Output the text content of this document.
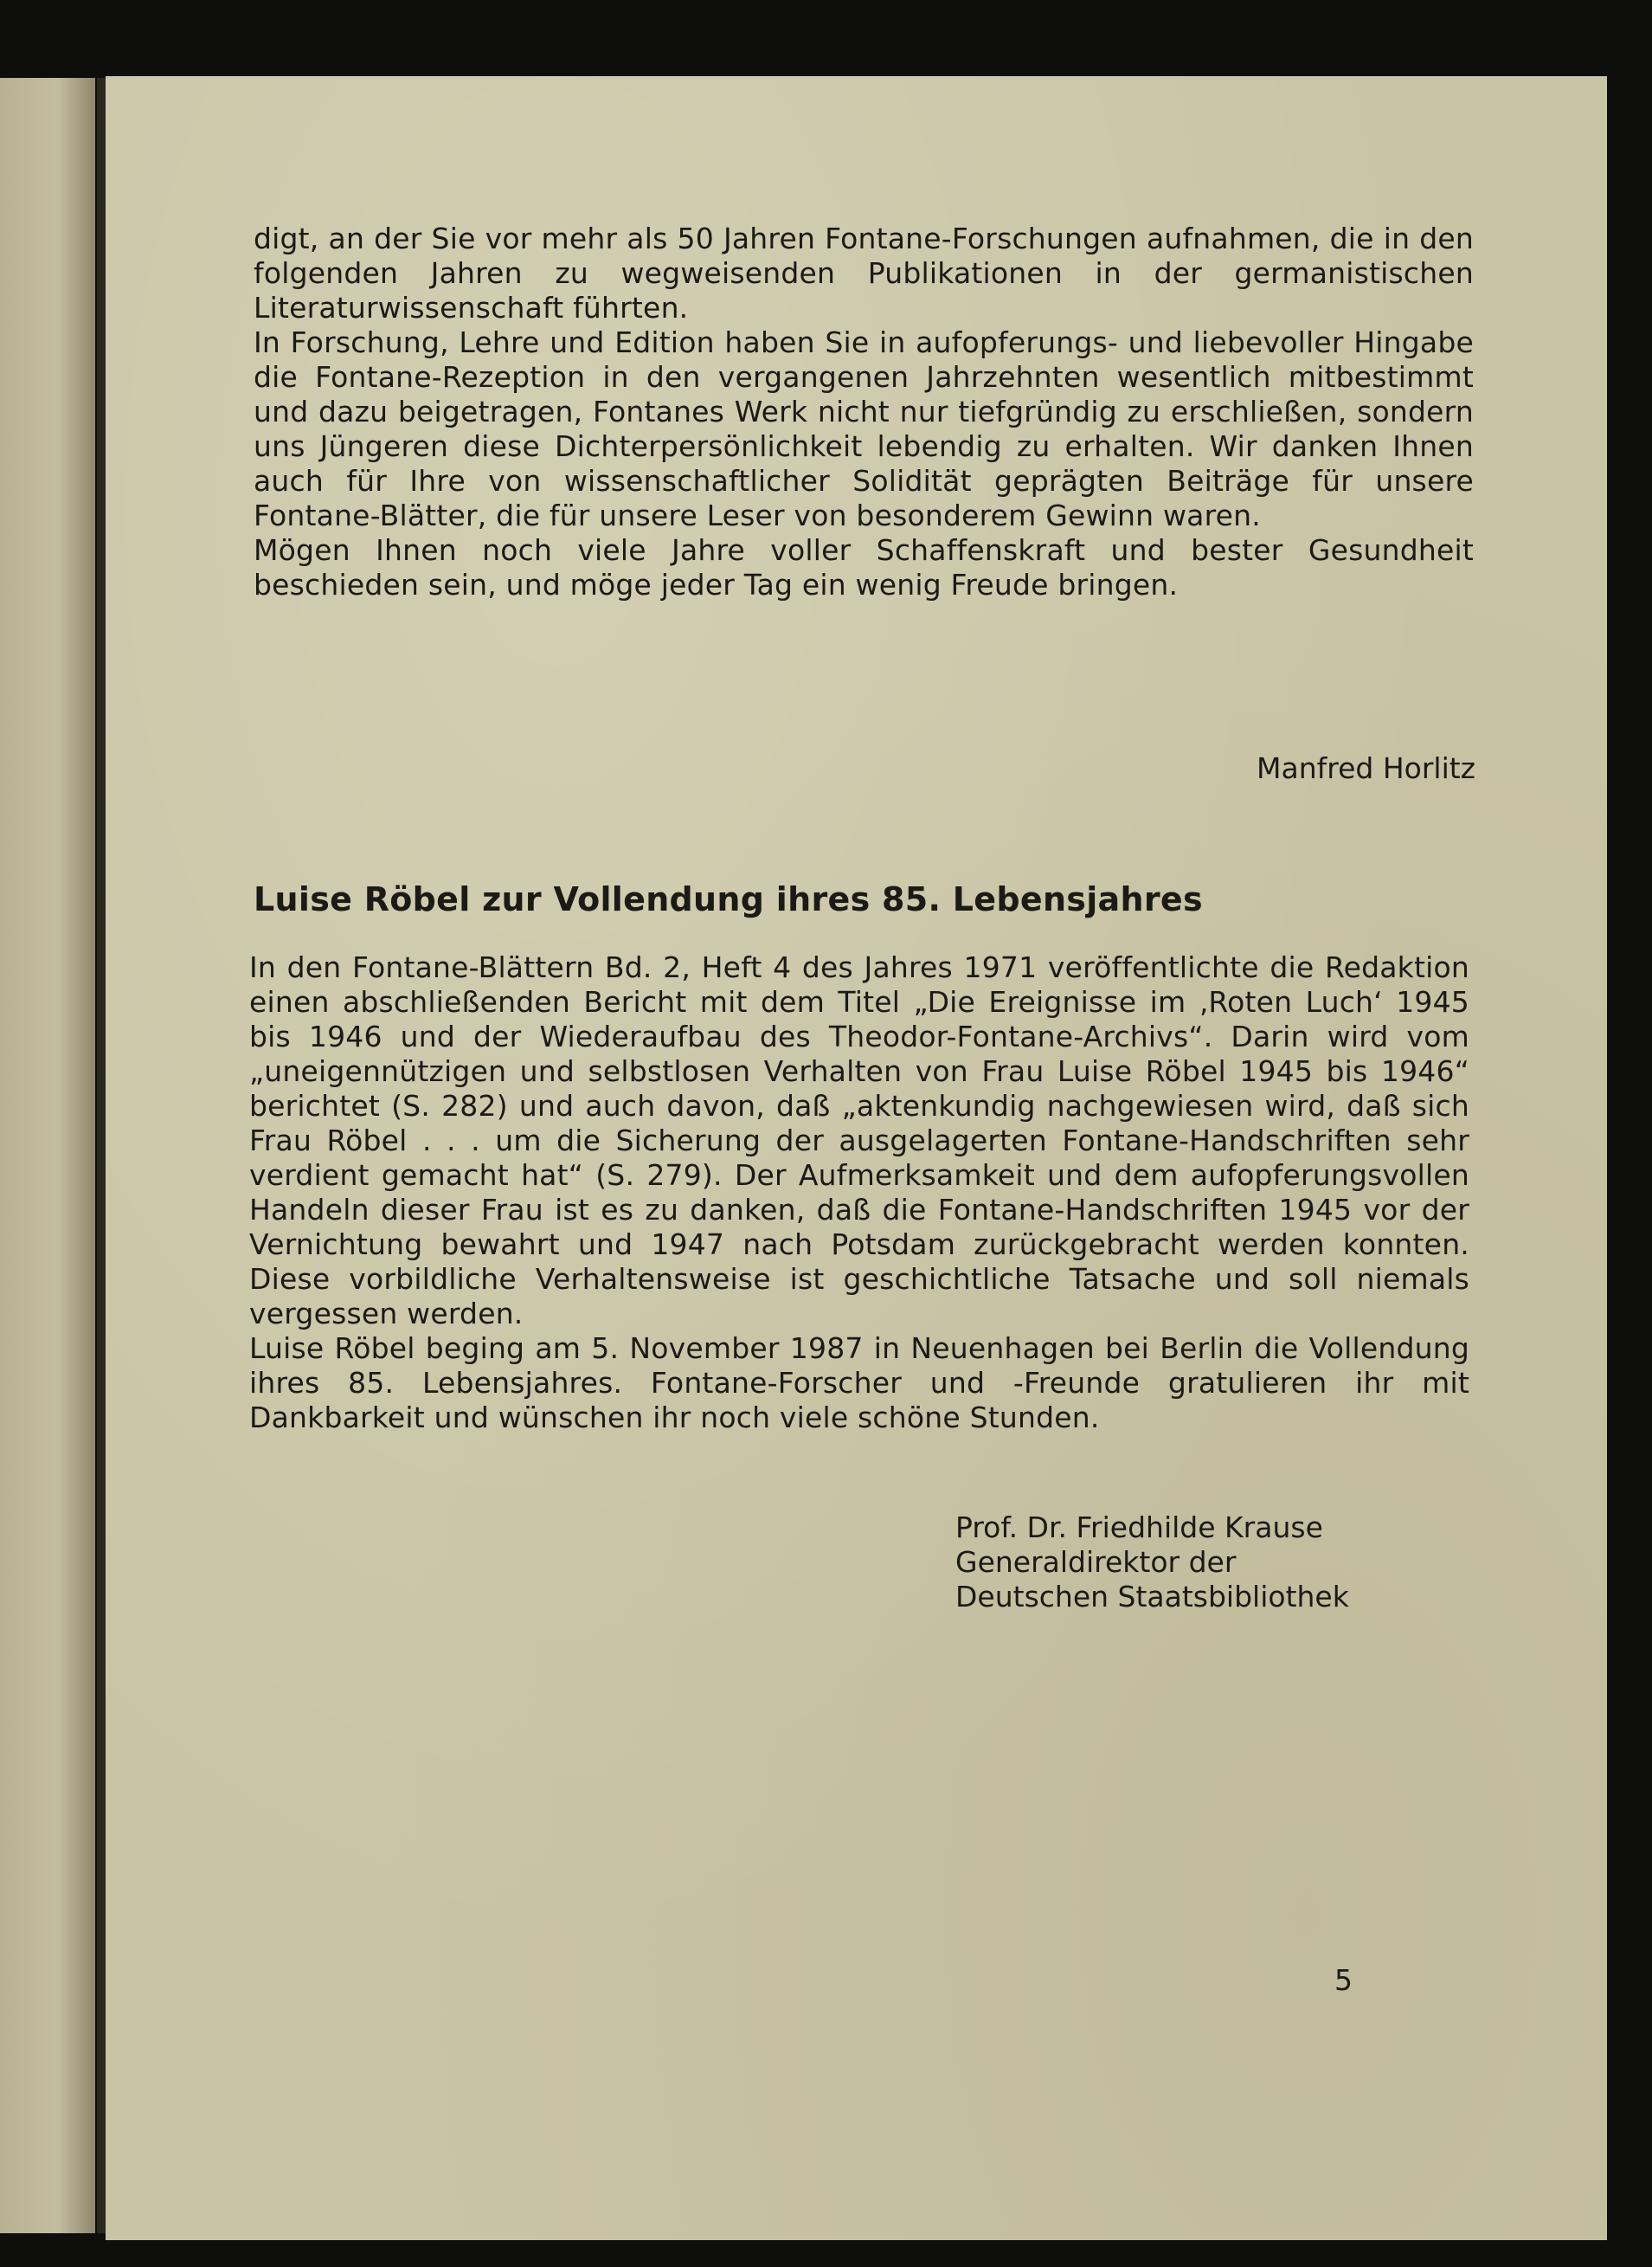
digt, an der Sie vor mehr als 50 Jahren Fontane-Forschungen aufnahmen, die in den folgenden Jahren zu wegweisenden Publikationen in der germanistischen Literaturwissenschaft führten.

In Forschung, Lehre und Edition haben Sie in aufopferungs- und liebevoller Hingabe die Fontane-Rezeption in den vergangenen Jahrzehnten wesentlich mitbestimmt und dazu beigetragen, Fontanes Werk nicht nur tiefgründig zu erschließen, sondern uns Jüngeren diese Dichterpersönlichkeit lebendig zu erhalten. Wir danken Ihnen auch für Ihre von wissenschaftlicher Solidität geprägten Beiträge für unsere Fontane-Blätter, die für unsere Leser von besonderem Gewinn waren.

Mögen Ihnen noch viele Jahre voller Schaffenskraft und bester Gesundheit beschieden sein, und möge jeder Tag ein wenig Freude bringen.

Manfred Horlitz
Luise Röbel zur Vollendung ihres 85. Lebensjahres

In den Fontane-Blättern Bd. 2, Heft 4 des Jahres 1971 veröffentlichte die Redaktion einen abschließenden Bericht mit dem Titel „Die Ereignisse im ‚Roten Luch‘ 1945 bis 1946 und der Wiederaufbau des Theodor-Fontane-Archivs“. Darin wird vom „uneigennützigen und selbstlosen Verhalten von Frau Luise Röbel 1945 bis 1946“ berichtet (S. 282) und auch davon, daß „aktenkundig nachgewiesen wird, daß sich Frau Röbel . . . um die Sicherung der ausgelagerten Fontane-Handschriften sehr verdient gemacht hat“ (S. 279). Der Aufmerksamkeit und dem aufopferungsvollen Handeln dieser Frau ist es zu danken, daß die Fontane-Handschriften 1945 vor der Vernichtung bewahrt und 1947 nach Potsdam zurückgebracht werden konnten. Diese vorbildliche Verhaltensweise ist geschichtliche Tatsache und soll niemals vergessen werden.

Luise Röbel beging am 5. November 1987 in Neuenhagen bei Berlin die Vollendung ihres 85. Lebensjahres. Fontane-Forscher und -Freunde gratulieren ihr mit Dankbarkeit und wünschen ihr noch viele schöne Stunden.

Prof. Dr. Friedhilde Krause
Generaldirektor der
Deutschen Staatsbibliothek
5
